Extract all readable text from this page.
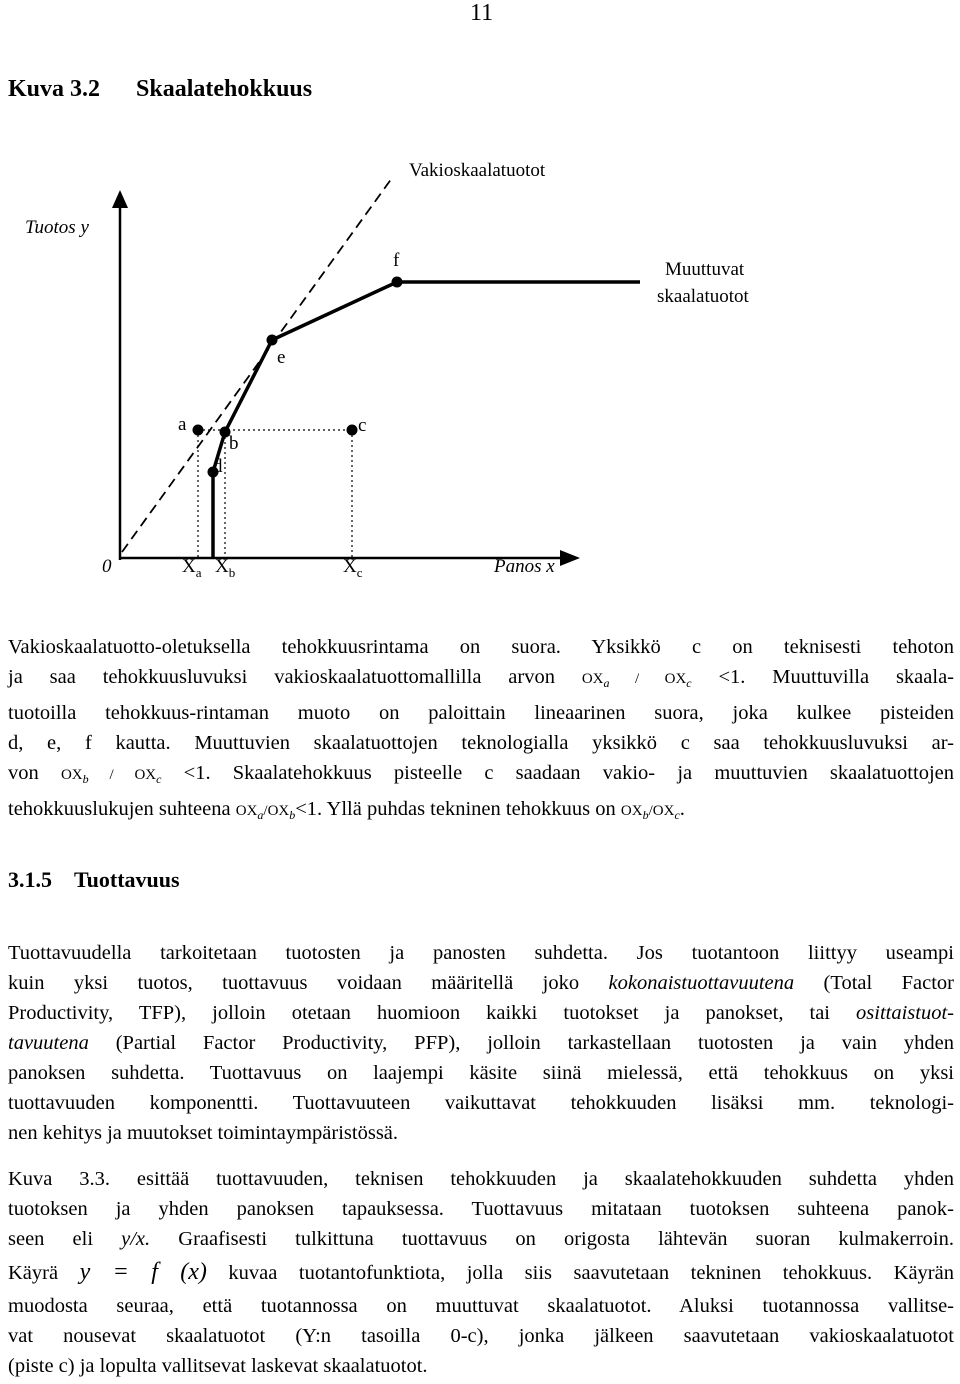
11
Kuva 3.2 Skaalatehokkuus
a
b
c
d
e
f
Vakioskaalatuotot
Muuttuvat
skaalatuotot
Tuotos y
Panos x
0	$X_a$ $X_b$	$X_c$
Vakioskaalatuotto-oletuksella tehokkuusrintama on suora. Yksikkö c on teknisesti tehoton
ja saa tehokkuusluvuksi vakioskaalatuottomallilla arvon $OX_a / OX_c <1$. Muuttuvilla skaala-
tuotoilla tehokkuus-rintaman muoto on paloittain lineaarinen suora, joka kulkee pisteiden
d, e, f kautta. Muuttuvien skaalatuottojen teknologialla yksikkö c saa tehokkuusluvuksi ar-
von $OX_b / OX_c <1$. Skaalatehokkuus pisteelle c saadaan vakio- ja muuttuvien skaalatuottojen
tehokkuuslukujen suhteena $OX_a/OX_b<1$. Yllä puhdas tekninen tehokkuus on $OX_b/OX_c$.
3.1.5 Tuottavuus
Tuottavuudella tarkoitetaan tuotosten ja panosten suhdetta. Jos tuotantoon liittyy useampi
kuin yksi tuotos, tuottavuus voidaan määritellä joko kokonaistuottavuutena (Total Factor
Productivity, TFP), jolloin otetaan huomioon kaikki tuotokset ja panokset, tai osittaistuot-
tavuutena (Partial Factor Productivity, PFP), jolloin tarkastellaan tuotosten ja vain yhden
panoksen suhdetta. Tuottavuus on laajempi käsite siinä mielessä, että tehokkuus on yksi
tuottavuuden komponentti. Tuottavuuteen vaikuttavat tehokkuuden lisäksi mm. teknologi-
nen kehitys ja muutokset toimintaympäristössä.
Kuva 3.3. esittää tuottavuuden, teknisen tehokkuuden ja skaalatehokkuuden suhdetta yhden
tuotoksen ja yhden panoksen tapauksessa. Tuottavuus mitataan tuotoksen suhteena panok-
seen eli y/x. Graafisesti tulkittuna tuottavuus on origosta lähtevän suoran kulmakerroin.
Käyrä y = f (x) kuvaa tuotantofunktiota, jolla siis saavutetaan tekninen tehokkuus. Käyrän
muodosta seuraa, että tuotannossa on muuttuvat skaalatuotot. Aluksi tuotannossa vallitse-
vat nousevat skaalatuotot (Y:n tasoilla 0-c), jonka jälkeen saavutetaan vakioskaalatuotot
(piste c) ja lopulta vallitsevat laskevat skaalatuotot.
